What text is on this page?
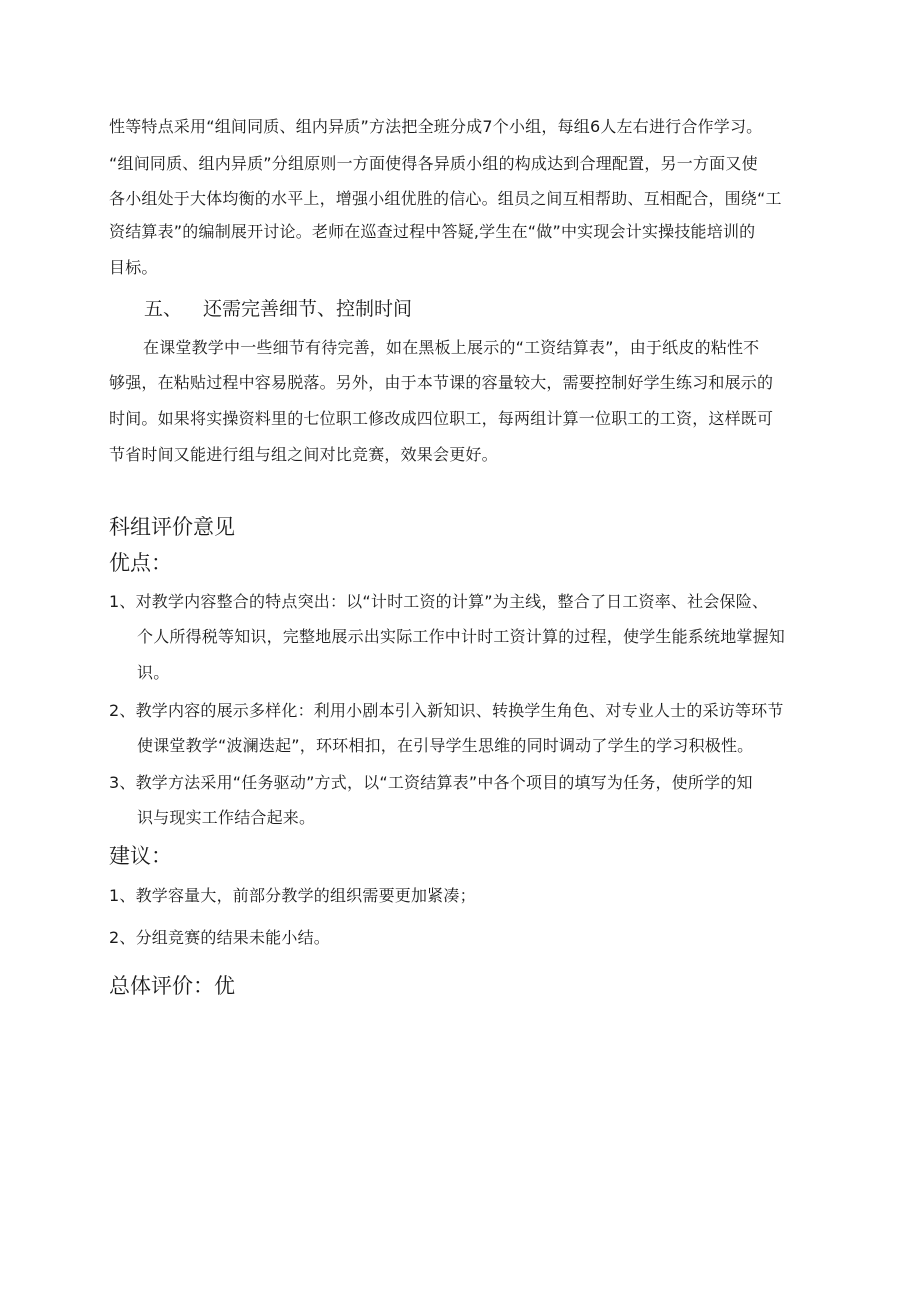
性等特点采用“组间同质、组内异质”方法把全班分成7个小组，每组6人左右进行合作学习。
“组间同质、组内异质”分组原则一方面使得各异质小组的构成达到合理配置，另一方面又使
各小组处于大体均衡的水平上，增强小组优胜的信心。组员之间互相帮助、互相配合，围绕“工
资结算表”的编制展开讨论。老师在巡查过程中答疑,学生在“做”中实现会计实操技能培训的
目标。
五、 还需完善细节、控制时间
在课堂教学中一些细节有待完善，如在黑板上展示的“工资结算表”，由于纸皮的粘性不
够强，在粘贴过程中容易脱落。另外，由于本节课的容量较大，需要控制好学生练习和展示的
时间。如果将实操资料里的七位职工修改成四位职工，每两组计算一位职工的工资，这样既可
节省时间又能进行组与组之间对比竞赛，效果会更好。
科组评价意见
优点：
1、对教学内容整合的特点突出：以“计时工资的计算”为主线，整合了日工资率、社会保险、
个人所得税等知识，完整地展示出实际工作中计时工资计算的过程，使学生能系统地掌握知
识。
2、教学内容的展示多样化：利用小剧本引入新知识、转换学生角色、对专业人士的采访等环节
使课堂教学“波澜迭起”，环环相扣，在引导学生思维的同时调动了学生的学习积极性。
3、教学方法采用“任务驱动”方式，以“工资结算表”中各个项目的填写为任务，使所学的知
识与现实工作结合起来。
建议：
1、教学容量大，前部分教学的组织需要更加紧凑；
2、分组竞赛的结果未能小结。
总体评价：优
